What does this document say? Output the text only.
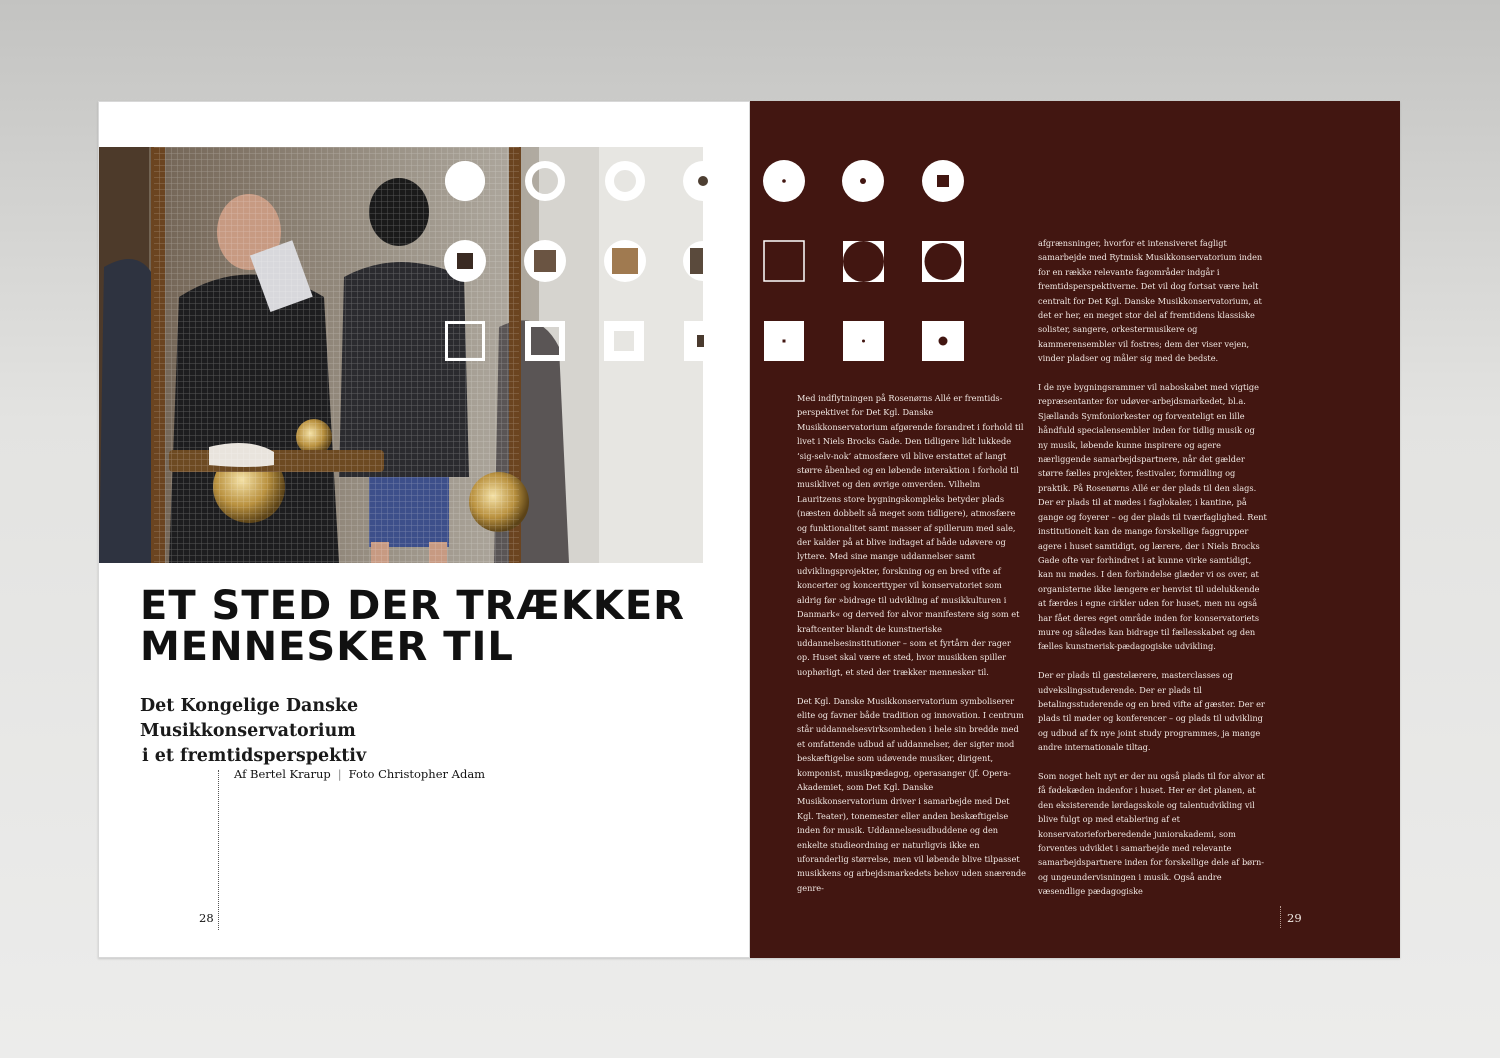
ET STED DER TRÆKKER
MENNESKER TIL
Det Kongelige Danske Musikkonservatorium
i et fremtidsperspektiv
Af Bertel Krarup | Foto Christopher Adam
28	29

Med indflytningen på Rosenørns Allé er fremtids-perspektivet for Det Kgl. Danske Musikkonservatorium afgørende forandret i forhold til livet i Niels Brocks Gade. Den tidligere lidt lukkede ‘sig-selv-nok’ atmosfære vil blive erstattet af langt større åbenhed og en løbende interaktion i forhold til musiklivet og den øvrige omverden. Vilhelm Lauritzens store bygningskompleks betyder plads (næsten dobbelt så meget som tidligere), atmosfære og funktionalitet samt masser af spillerum med sale, der kalder på at blive indtaget af både udøvere og lyttere. Med sine mange uddannelser samt udviklingsprojekter, forskning og en bred vifte af koncerter og koncerttyper vil konservatoriet som aldrig før »bidrage til udvikling af musikkulturen i Danmark« og derved for alvor manifestere sig som et kraftcenter blandt de kunstneriske uddannelsesinstitutioner – som et fyrtårn der rager op. Huset skal være et sted, hvor musikken spiller uophørligt, et sted der trækker mennesker til.

Det Kgl. Danske Musikkonservatorium symboliserer elite og favner både tradition og innovation. I centrum står uddannelsesvirksomheden i hele sin bredde med et omfattende udbud af uddannelser, der sigter mod beskæftigelse som udøvende musiker, dirigent, komponist, musikpædagog, operasanger (jf. Opera-Akademiet, som Det Kgl. Danske Musikkonservatorium driver i samarbejde med Det Kgl. Teater), tonemester eller anden beskæftigelse inden for musik. Uddannelsesudbuddene og den enkelte studieordning er naturligvis ikke en uforanderlig størrelse, men vil løbende blive tilpasset musikkens og arbejdsmarkedets behov uden snærende genre-

afgrænsninger, hvorfor et intensiveret fagligt samarbejde med Rytmisk Musikkonservatorium inden for en række relevante fagområder indgår i fremtidsperspektiverne. Det vil dog fortsat være helt centralt for Det Kgl. Danske Musikkonservatorium, at det er her, en meget stor del af fremtidens klassiske solister, sangere, orkestermusikere og kammerensembler vil fostres; dem der viser vejen, vinder pladser og måler sig med de bedste.

I de nye bygningsrammer vil naboskabet med vigtige repræsentanter for udøver-arbejdsmarkedet, bl.a. Sjællands Symfoniorkester og forventeligt en lille håndfuld specialensembler inden for tidlig musik og ny musik, løbende kunne inspirere og agere nærliggende samarbejdspartnere, når det gælder større fælles projekter, festivaler, formidling og praktik. På Rosenørns Allé er der plads til den slags. Der er plads til at mødes i faglokaler, i kantine, på gange og foyerer – og der plads til tværfaglighed. Rent institutionelt kan de mange forskellige faggrupper agere i huset samtidigt, og lærere, der i Niels Brocks Gade ofte var forhindret i at kunne virke samtidigt, kan nu mødes. I den forbindelse glæder vi os over, at organisterne ikke længere er henvist til udelukkende at færdes i egne cirkler uden for huset, men nu også har fået deres eget område inden for konservatoriets mure og således kan bidrage til fællesskabet og den fælles kunstnerisk-pædagogiske udvikling.

Der er plads til gæstelærere, masterclasses og udvekslingsstuderende. Der er plads til betalingsstuderende og en bred vifte af gæster. Der er plads til møder og konferencer – og plads til udvikling og udbud af fx nye joint study programmes, ja mange andre internationale tiltag.

Som noget helt nyt er der nu også plads til for alvor at få fødekæden indenfor i huset. Her er det planen, at den eksisterende lørdagsskole og talentudvikling vil blive fulgt op med etablering af et konservatorieforberedende juniorakademi, som forventes udviklet i samarbejde med relevante samarbejdspartnere inden for forskellige dele af børn- og ungeundervisningen i musik. Også andre væsendlige pædagogiske
